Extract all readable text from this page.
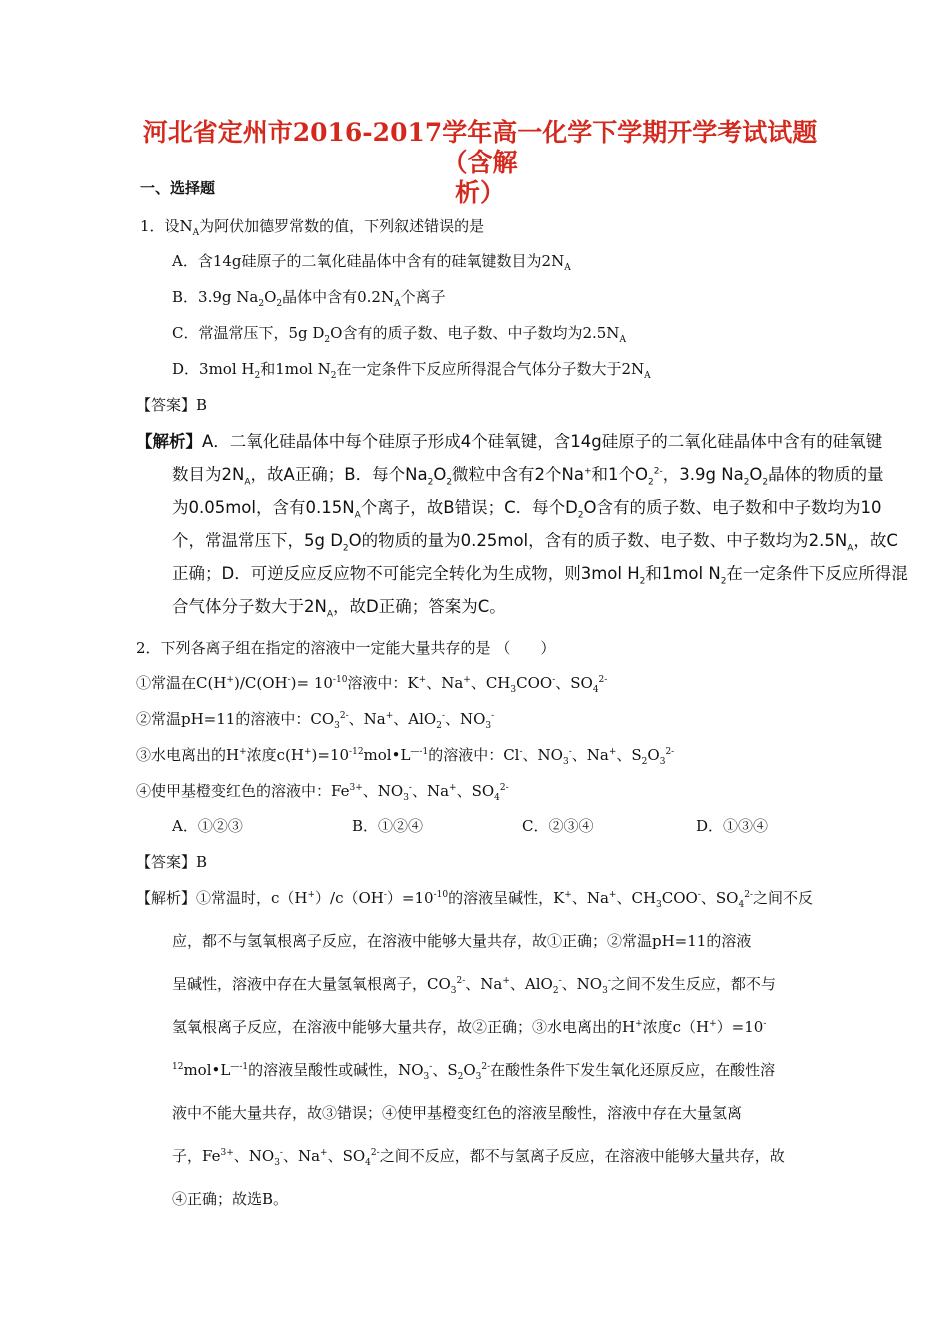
河北省定州市2016-2017学年高一化学下学期开学考试试题（含解
析）
一、选择题
1．设$N_A$为阿伏加德罗常数的值，下列叙述错误的是
A．含14g硅原子的二氧化硅晶体中含有的硅氧键数目为$2N_A$
B．3.9g $Na_2O_2$晶体中含有$0.2N_A$个离子
C．常温常压下，5g $D_2O$含有的质子数、电子数、中子数均为$2.5N_A$
D．3mol $H_2$和1mol $N_2$在一定条件下反应所得混合气体分子数大于$2N_A$
【答案】B
【解析】A．二氧化硅晶体中每个硅原子形成4个硅氧键，含14g硅原子的二氧化硅晶体中含有的硅氧键
数目为$2N_A$，故A正确；B．每个$Na_2O_2$微粒中含有2个Na+和1个$O_2^{2-}$，3.9g $Na_2O_2$晶体的物质的量
为0.05mol，含有$0.15N_A$个离子，故B错误；C．每个$D_2O$含有的质子数、电子数和中子数均为10
个，常温常压下，5g $D_2O$的物质的量为0.25mol，含有的质子数、电子数、中子数均为$2.5N_A$，故C
正确；D．可逆反应反应物不可能完全转化为生成物，则3mol $H_2$和1mol $N_2$在一定条件下反应所得混
合气体分子数大于$2N_A$，故D正确；答案为C。
2．下列各离子组在指定的溶液中一定能大量共存的是 （　　）
①常温在$C(H^+)/C(OH^-)= 10^{-10}$溶液中：K+、Na+、$CH_3COO^-$、$SO_4^{2-}$
②常温pH=11的溶液中：$CO_3^{2-}$、Na+、AlO$_2$-、$NO_3^-$
③水电离出的H+浓度$c(H^+)=10^{-12}mol•L^{—-1}$的溶液中：Cl-、$NO_3^-$、Na+、$S_2O_3^{2-}$
④使甲基橙变红色的溶液中：$Fe^{3+}$、$NO_3^-$、Na+、$SO_4^{2-}$
A．①②③	B．①②④	C．②③④	D．①③④
【答案】B
【解析】①常温时，$c(H^+)/c(OH^-)=10^{-10}$的溶液呈碱性，K+、Na+、$CH_3COO^-$、$SO_4^{2-}$之间不反
应，都不与氢氧根离子反应，在溶液中能够大量共存，故①正确；②常温pH=11的溶液
呈碱性，溶液中存在大量氢氧根离子，$CO_3^{2-}$、Na+、AlO$_2$-、$NO_3^-$之间不发生反应，都不与
氢氧根离子反应，在溶液中能够大量共存，故②正确；③水电离出的H+浓度c（H+）=10-
$^{12}mol•L^{—-1}$的溶液呈酸性或碱性，$NO_3^-$、$S_2O_3^{2-}$在酸性条件下发生氧化还原反应，在酸性溶
液中不能大量共存，故③错误；④使甲基橙变红色的溶液呈酸性，溶液中存在大量氢离
子，$Fe^{3+}$、$NO_3^-$、Na+、$SO_4^{2-}$之间不反应，都不与氢离子反应，在溶液中能够大量共存，故
④正确；故选B。
